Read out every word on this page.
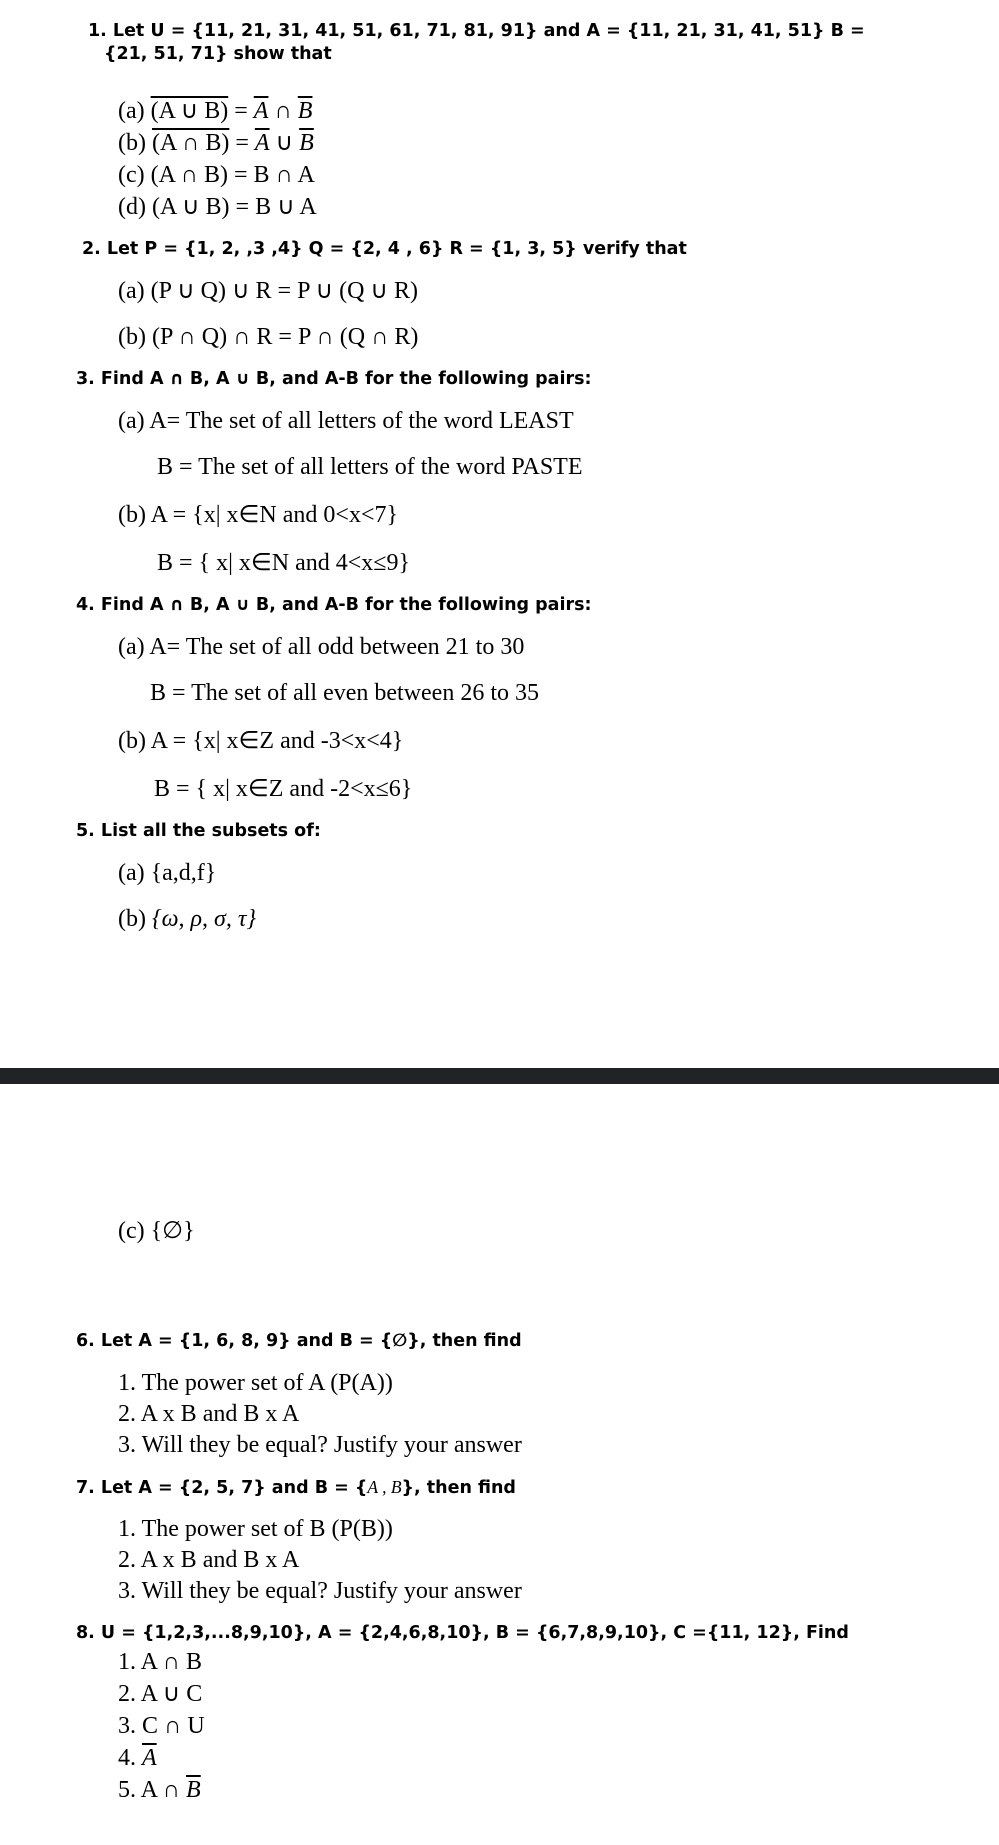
1. Let U = {11, 21, 31, 41, 51, 61, 71, 81, 91} and A = {11, 21, 31, 41, 51} B =
{21, 51, 71} show that
(a) (A ∪ $B) = \overline{A}$ ∩ $\overline{B}$
(b) (A ∩ $B) = \overline{A}$ ∪ $\overline{B}$
(c) (A ∩ B) = B ∩ A
(d) (A ∪ B) = B ∪ A
2. Let P = {1, 2, ,3 ,4} Q = {2, 4 , 6} R = {1, 3, 5} verify that
(a) (P ∪ Q) ∪ R = P ∪ (Q ∪ R)
(b) (P ∩ Q) ∩ R = P ∩ (Q ∩ R)
3. Find A ∩ B, A ∪ B, and A-B for the following pairs:
(a) A= The set of all letters of the word LEAST
B = The set of all letters of the word PASTE
(b) A = {x| x∈N and 0<x<7}
B = { x| x∈N and 4<x≤9}
4. Find A ∩ B, A ∪ B, and A-B for the following pairs:
(a) A= The set of all odd between 21 to 30
B = The set of all even between 26 to 35
(b) A = {x| x∈Z and -3<x<4}
B = { x| x∈Z and -2<x≤6}
5. List all the subsets of:
(a) {a,d,f}
(b) {ω, ρ, σ, τ}
(c) {∅}
6. Let A = {1, 6, 8, 9} and B = {∅}, then find
1. The power set of A (P(A))
2. A x B and B x A
3. Will they be equal? Justify your answer
7. Let A = {2, 5, 7} and B = {A , B}, then find
1. The power set of B (P(B))
2. A x B and B x A
3. Will they be equal? Justify your answer
8. U = {1,2,3,...8,9,10}, A = {2,4,6,8,10}, B = {6,7,8,9,10}, C ={11, 12}, Find
1. A ∩ B
2. A ∪ C
3. C ∩ U
4. $\overline{A}$
5. A ∩ $\overline{B}$
